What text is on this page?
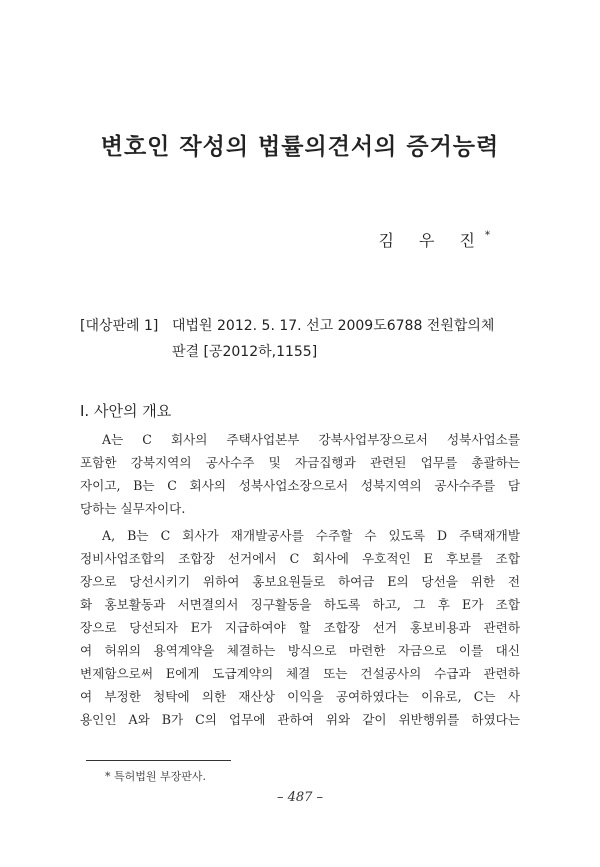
변호인 작성의 법률의견서의 증거능력
김 우 진*
[대상판례 1] 대법원 2012. 5. 17. 선고 2009도6788 전원합의체
판결 [공2012하,1155]
Ⅰ. 사안의 개요
A는 C 회사의 주택사업본부 강북사업부장으로서 성북사업소를
포함한 강북지역의 공사수주 및 자금집행과 관련된 업무를 총괄하는
자이고, B는 C 회사의 성북사업소장으로서 성북지역의 공사수주를 담
당하는 실무자이다.
A, B는 C 회사가 재개발공사를 수주할 수 있도록 D 주택재개발
정비사업조합의 조합장 선거에서 C 회사에 우호적인 E 후보를 조합
장으로 당선시키기 위하여 홍보요원들로 하여금 E의 당선을 위한 전
화 홍보활동과 서면결의서 징구활동을 하도록 하고, 그 후 E가 조합
장으로 당선되자 E가 지급하여야 할 조합장 선거 홍보비용과 관련하
여 허위의 용역계약을 체결하는 방식으로 마련한 자금으로 이를 대신
변제함으로써 E에게 도급계약의 체결 또는 건설공사의 수급과 관련하
여 부정한 청탁에 의한 재산상 이익을 공여하였다는 이유로, C는 사
용인인 A와 B가 C의 업무에 관하여 위와 같이 위반행위를 하였다는
* 특허법원 부장판사.
– 487 –
